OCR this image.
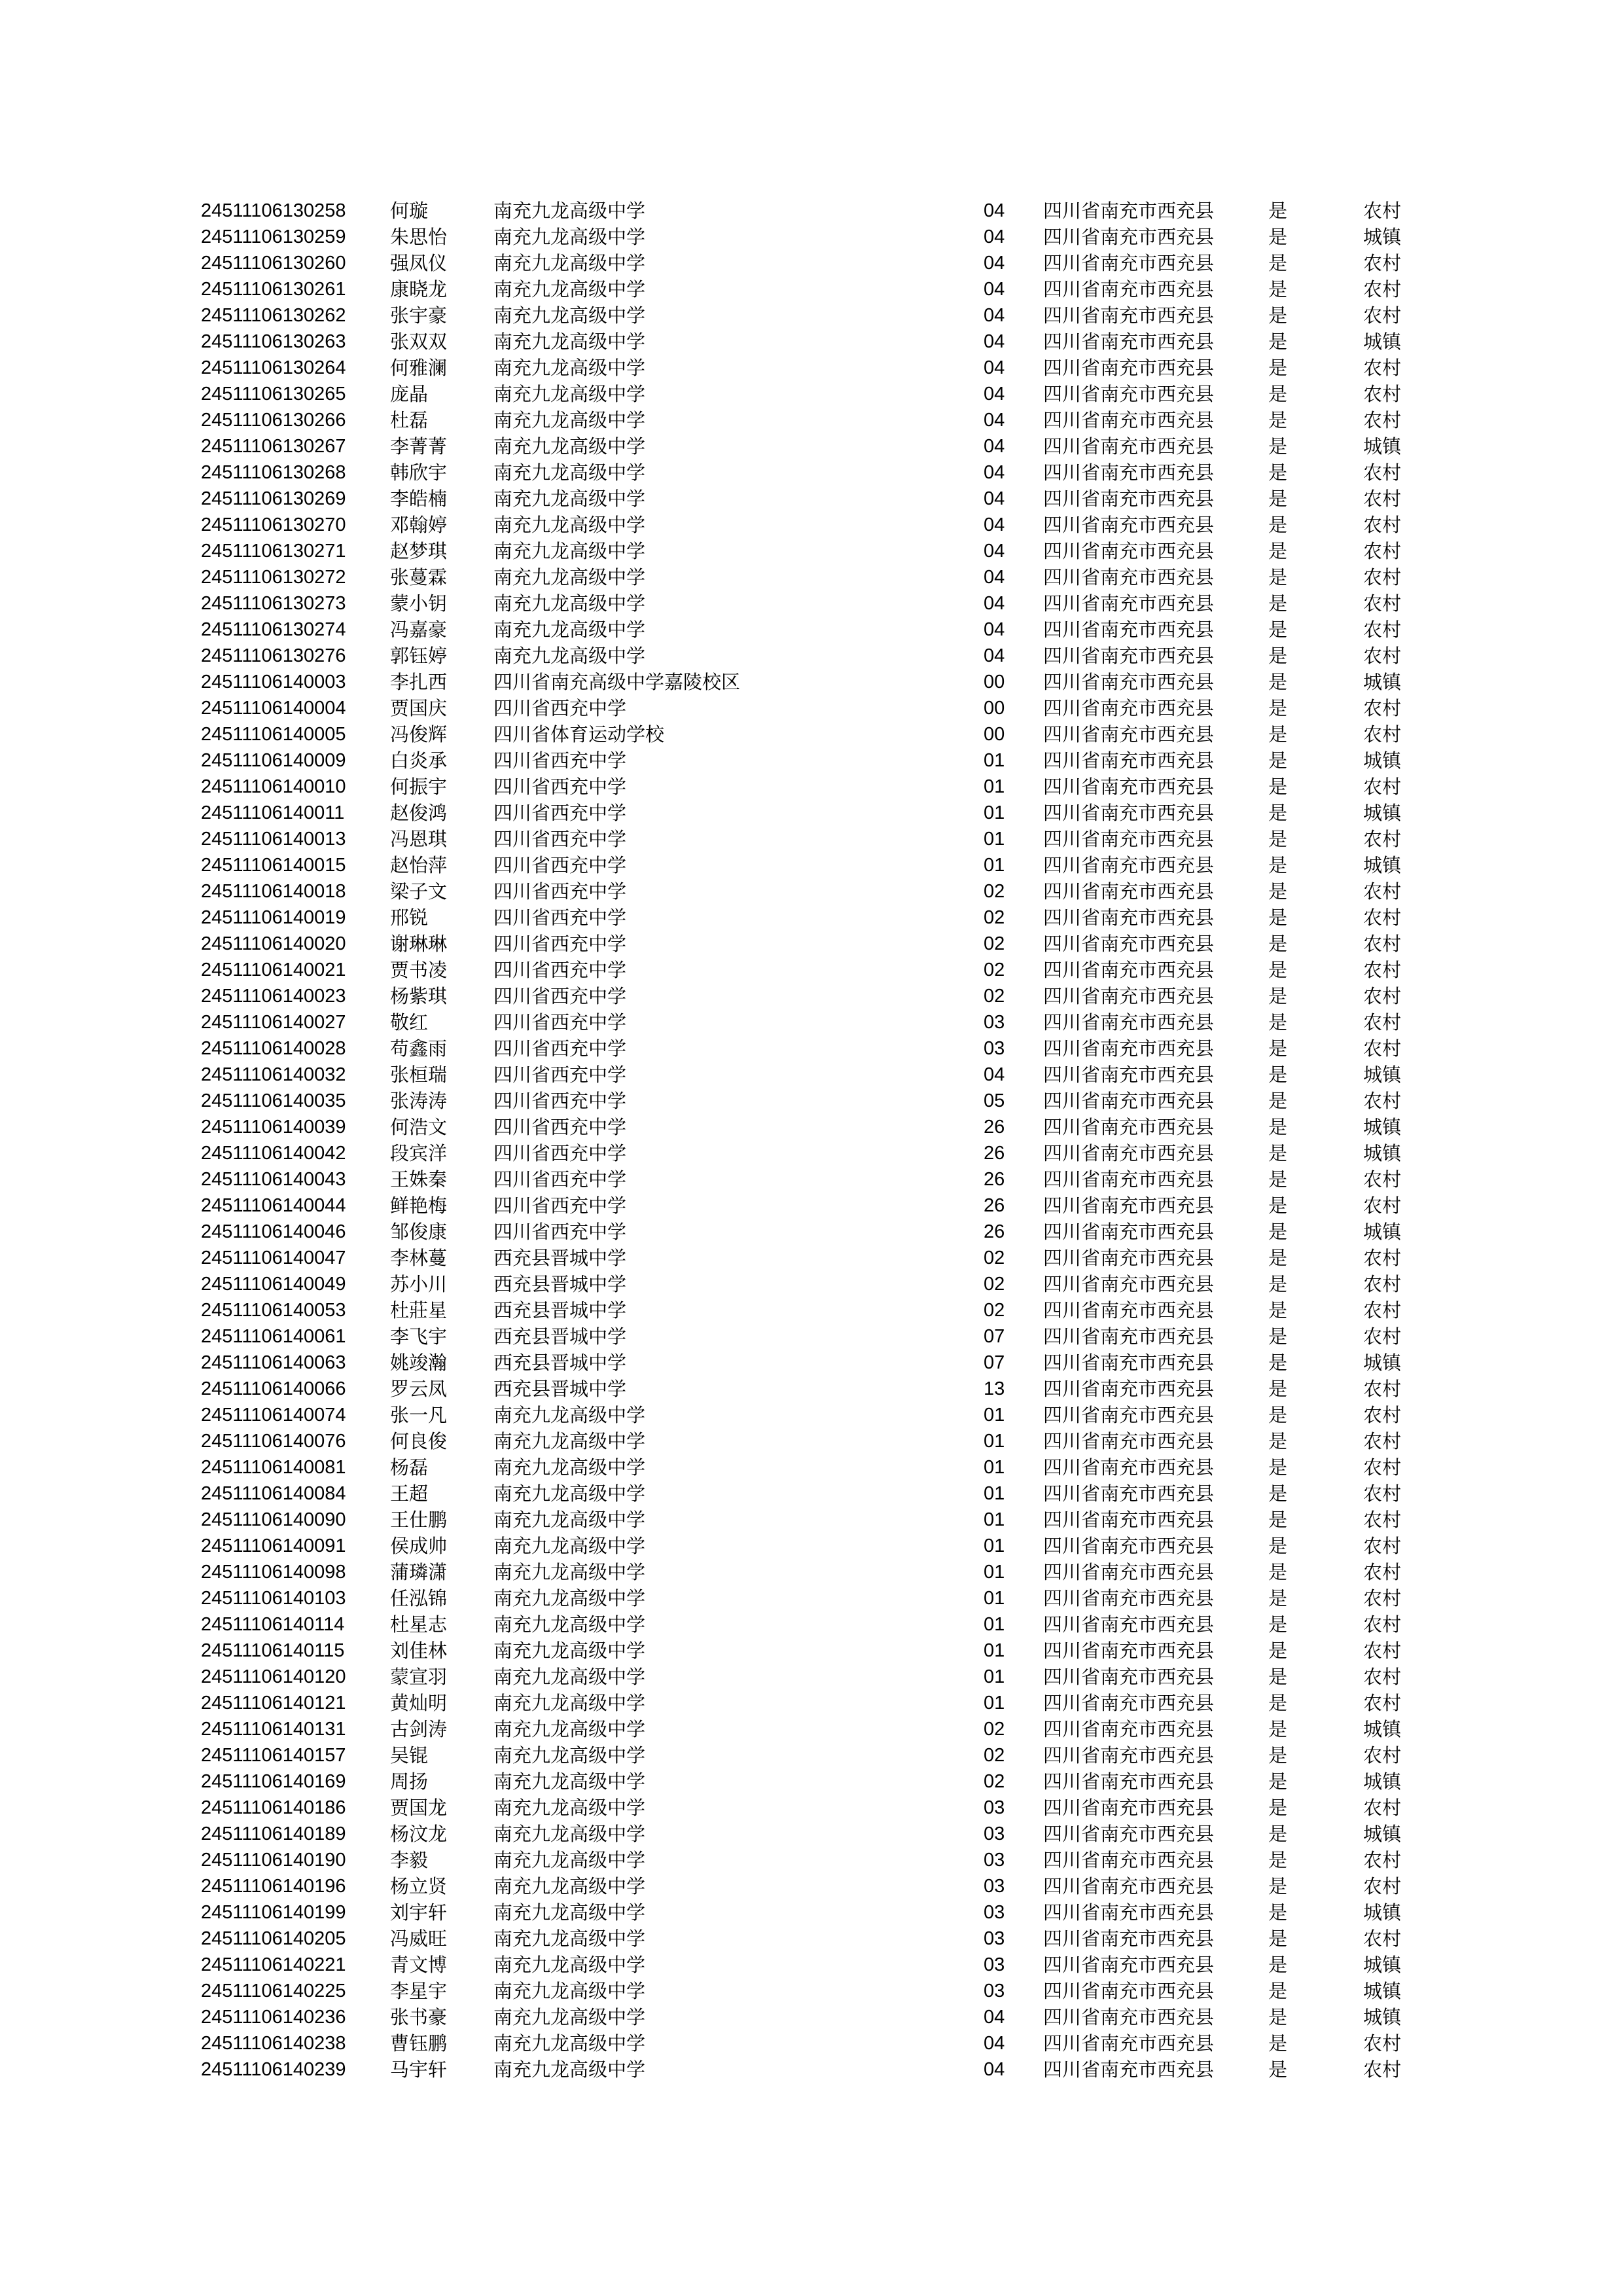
24511106130258 何璇	南充九龙高级中学	04 四川省南充市西充县	是	农村
24511106130259 朱思怡 南充九龙高级中学	04 四川省南充市西充县	是	城镇
24511106130260 强凤仪 南充九龙高级中学	04 四川省南充市西充县	是	农村
24511106130261 康晓龙 南充九龙高级中学	04 四川省南充市西充县	是	农村
24511106130262 张宇豪 南充九龙高级中学	04 四川省南充市西充县	是	农村
24511106130263 张双双 南充九龙高级中学	04 四川省南充市西充县	是	城镇
24511106130264 何雅澜 南充九龙高级中学	04 四川省南充市西充县	是	农村
24511106130265 庞晶	南充九龙高级中学	04 四川省南充市西充县	是	农村
24511106130266 杜磊	南充九龙高级中学	04 四川省南充市西充县	是	农村
24511106130267 李菁菁 南充九龙高级中学	04 四川省南充市西充县	是	城镇
24511106130268 韩欣宇 南充九龙高级中学	04 四川省南充市西充县	是	农村
24511106130269 李皓楠 南充九龙高级中学	04 四川省南充市西充县	是	农村
24511106130270 邓翰婷 南充九龙高级中学	04 四川省南充市西充县	是	农村
24511106130271 赵梦琪 南充九龙高级中学	04 四川省南充市西充县	是	农村
24511106130272 张蔓霖 南充九龙高级中学	04 四川省南充市西充县	是	农村
24511106130273 蒙小钥 南充九龙高级中学	04 四川省南充市西充县	是	农村
24511106130274 冯嘉豪 南充九龙高级中学	04 四川省南充市西充县	是	农村
24511106130276 郭钰婷 南充九龙高级中学	04 四川省南充市西充县	是	农村
24511106140003 李扎西 四川省南充高级中学嘉陵校区	00 四川省南充市西充县	是	城镇
24511106140004 贾国庆 四川省西充中学	00 四川省南充市西充县	是	农村
24511106140005 冯俊辉 四川省体育运动学校	00 四川省南充市西充县	是	农村
24511106140009 白炎承 四川省西充中学	01 四川省南充市西充县	是	城镇
24511106140010 何振宇 四川省西充中学	01 四川省南充市西充县	是	农村
24511106140011 赵俊鸿 四川省西充中学	01 四川省南充市西充县	是	城镇
24511106140013 冯恩琪 四川省西充中学	01 四川省南充市西充县	是	农村
24511106140015 赵怡萍 四川省西充中学	01 四川省南充市西充县	是	城镇
24511106140018 梁子文 四川省西充中学	02 四川省南充市西充县	是	农村
24511106140019 邢锐	四川省西充中学	02 四川省南充市西充县	是	农村
24511106140020 谢琳琳 四川省西充中学	02 四川省南充市西充县	是	农村
24511106140021 贾书凌 四川省西充中学	02 四川省南充市西充县	是	农村
24511106140023 杨紫琪 四川省西充中学	02 四川省南充市西充县	是	农村
24511106140027 敬红	四川省西充中学	03 四川省南充市西充县	是	农村
24511106140028 苟鑫雨 四川省西充中学	03 四川省南充市西充县	是	农村
24511106140032 张桓瑞 四川省西充中学	04 四川省南充市西充县	是	城镇
24511106140035 张涛涛 四川省西充中学	05 四川省南充市西充县	是	农村
24511106140039 何浩文 四川省西充中学	26 四川省南充市西充县	是	城镇
24511106140042 段宾洋 四川省西充中学	26 四川省南充市西充县	是	城镇
24511106140043 王姝秦 四川省西充中学	26 四川省南充市西充县	是	农村
24511106140044 鲜艳梅 四川省西充中学	26 四川省南充市西充县	是	农村
24511106140046 邹俊康 四川省西充中学	26 四川省南充市西充县	是	城镇
24511106140047 李林蔓 西充县晋城中学	02 四川省南充市西充县	是	农村
24511106140049 苏小川 西充县晋城中学	02 四川省南充市西充县	是	农村
24511106140053 杜莊星 西充县晋城中学	02 四川省南充市西充县	是	农村
24511106140061 李飞宇 西充县晋城中学	07 四川省南充市西充县	是	农村
24511106140063 姚竣瀚 西充县晋城中学	07 四川省南充市西充县	是	城镇
24511106140066 罗云凤 西充县晋城中学	13 四川省南充市西充县	是	农村
24511106140074 张一凡 南充九龙高级中学	01 四川省南充市西充县	是	农村
24511106140076 何良俊 南充九龙高级中学	01 四川省南充市西充县	是	农村
24511106140081 杨磊	南充九龙高级中学	01 四川省南充市西充县	是	农村
24511106140084 王超	南充九龙高级中学	01 四川省南充市西充县	是	农村
24511106140090 王仕鹏 南充九龙高级中学	01 四川省南充市西充县	是	农村
24511106140091 侯成帅 南充九龙高级中学	01 四川省南充市西充县	是	农村
24511106140098 蒲璘潇 南充九龙高级中学	01 四川省南充市西充县	是	农村
24511106140103 任泓锦 南充九龙高级中学	01 四川省南充市西充县	是	农村
24511106140114 杜星志 南充九龙高级中学	01 四川省南充市西充县	是	农村
24511106140115 刘佳林 南充九龙高级中学	01 四川省南充市西充县	是	农村
24511106140120 蒙宣羽 南充九龙高级中学	01 四川省南充市西充县	是	农村
24511106140121 黄灿明 南充九龙高级中学	01 四川省南充市西充县	是	农村
24511106140131 古剑涛 南充九龙高级中学	02 四川省南充市西充县	是	城镇
24511106140157 吴锟	南充九龙高级中学	02 四川省南充市西充县	是	农村
24511106140169 周扬	南充九龙高级中学	02 四川省南充市西充县	是	城镇
24511106140186 贾国龙 南充九龙高级中学	03 四川省南充市西充县	是	农村
24511106140189 杨汶龙 南充九龙高级中学	03 四川省南充市西充县	是	城镇
24511106140190 李毅	南充九龙高级中学	03 四川省南充市西充县	是	农村
24511106140196 杨立贤 南充九龙高级中学	03 四川省南充市西充县	是	农村
24511106140199 刘宇轩 南充九龙高级中学	03 四川省南充市西充县	是	城镇
24511106140205 冯威旺 南充九龙高级中学	03 四川省南充市西充县	是	农村
24511106140221 青文博 南充九龙高级中学	03 四川省南充市西充县	是	城镇
24511106140225 李星宇 南充九龙高级中学	03 四川省南充市西充县	是	城镇
24511106140236 张书豪 南充九龙高级中学	04 四川省南充市西充县	是	城镇
24511106140238 曹钰鹏 南充九龙高级中学	04 四川省南充市西充县	是	农村
24511106140239 马宇轩 南充九龙高级中学	04 四川省南充市西充县	是	农村
